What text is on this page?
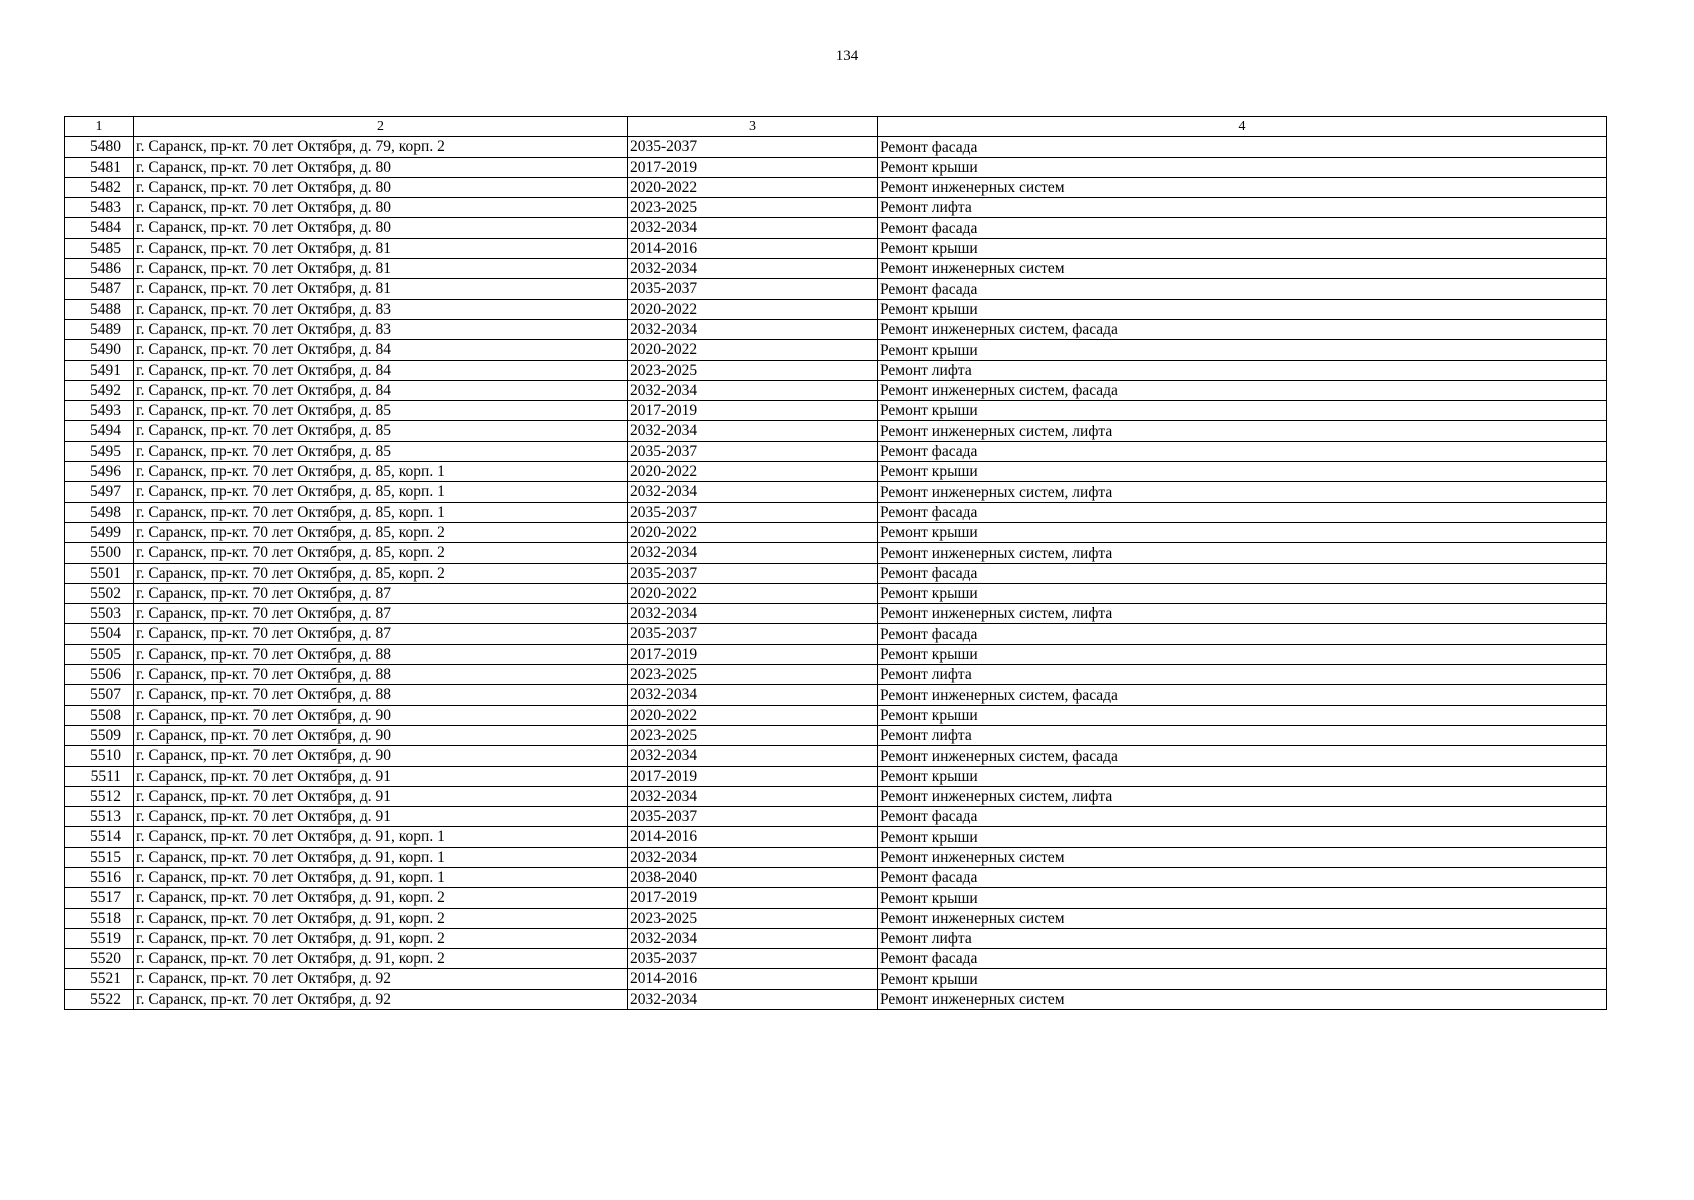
134
1	2	3	4
5480	г. Саранск, пр-кт. 70 лет Октября, д. 79, корп. 2	2035-2037	Ремонт фасада
5481	г. Саранск, пр-кт. 70 лет Октября, д. 80	2017-2019	Ремонт крыши
5482	г. Саранск, пр-кт. 70 лет Октября, д. 80	2020-2022	Ремонт инженерных систем
5483	г. Саранск, пр-кт. 70 лет Октября, д. 80	2023-2025	Ремонт лифта
5484	г. Саранск, пр-кт. 70 лет Октября, д. 80	2032-2034	Ремонт фасада
5485	г. Саранск, пр-кт. 70 лет Октября, д. 81	2014-2016	Ремонт крыши
5486	г. Саранск, пр-кт. 70 лет Октября, д. 81	2032-2034	Ремонт инженерных систем
5487	г. Саранск, пр-кт. 70 лет Октября, д. 81	2035-2037	Ремонт фасада
5488	г. Саранск, пр-кт. 70 лет Октября, д. 83	2020-2022	Ремонт крыши
5489	г. Саранск, пр-кт. 70 лет Октября, д. 83	2032-2034	Ремонт инженерных систем, фасада
5490	г. Саранск, пр-кт. 70 лет Октября, д. 84	2020-2022	Ремонт крыши
5491	г. Саранск, пр-кт. 70 лет Октября, д. 84	2023-2025	Ремонт лифта
5492	г. Саранск, пр-кт. 70 лет Октября, д. 84	2032-2034	Ремонт инженерных систем, фасада
5493	г. Саранск, пр-кт. 70 лет Октября, д. 85	2017-2019	Ремонт крыши
5494	г. Саранск, пр-кт. 70 лет Октября, д. 85	2032-2034	Ремонт инженерных систем, лифта
5495	г. Саранск, пр-кт. 70 лет Октября, д. 85	2035-2037	Ремонт фасада
5496	г. Саранск, пр-кт. 70 лет Октября, д. 85, корп. 1	2020-2022	Ремонт крыши
5497	г. Саранск, пр-кт. 70 лет Октября, д. 85, корп. 1	2032-2034	Ремонт инженерных систем, лифта
5498	г. Саранск, пр-кт. 70 лет Октября, д. 85, корп. 1	2035-2037	Ремонт фасада
5499	г. Саранск, пр-кт. 70 лет Октября, д. 85, корп. 2	2020-2022	Ремонт крыши
5500	г. Саранск, пр-кт. 70 лет Октября, д. 85, корп. 2	2032-2034	Ремонт инженерных систем, лифта
5501	г. Саранск, пр-кт. 70 лет Октября, д. 85, корп. 2	2035-2037	Ремонт фасада
5502	г. Саранск, пр-кт. 70 лет Октября, д. 87	2020-2022	Ремонт крыши
5503	г. Саранск, пр-кт. 70 лет Октября, д. 87	2032-2034	Ремонт инженерных систем, лифта
5504	г. Саранск, пр-кт. 70 лет Октября, д. 87	2035-2037	Ремонт фасада
5505	г. Саранск, пр-кт. 70 лет Октября, д. 88	2017-2019	Ремонт крыши
5506	г. Саранск, пр-кт. 70 лет Октября, д. 88	2023-2025	Ремонт лифта
5507	г. Саранск, пр-кт. 70 лет Октября, д. 88	2032-2034	Ремонт инженерных систем, фасада
5508	г. Саранск, пр-кт. 70 лет Октября, д. 90	2020-2022	Ремонт крыши
5509	г. Саранск, пр-кт. 70 лет Октября, д. 90	2023-2025	Ремонт лифта
5510	г. Саранск, пр-кт. 70 лет Октября, д. 90	2032-2034	Ремонт инженерных систем, фасада
5511	г. Саранск, пр-кт. 70 лет Октября, д. 91	2017-2019	Ремонт крыши
5512	г. Саранск, пр-кт. 70 лет Октября, д. 91	2032-2034	Ремонт инженерных систем, лифта
5513	г. Саранск, пр-кт. 70 лет Октября, д. 91	2035-2037	Ремонт фасада
5514	г. Саранск, пр-кт. 70 лет Октября, д. 91, корп. 1	2014-2016	Ремонт крыши
5515	г. Саранск, пр-кт. 70 лет Октября, д. 91, корп. 1	2032-2034	Ремонт инженерных систем
5516	г. Саранск, пр-кт. 70 лет Октября, д. 91, корп. 1	2038-2040	Ремонт фасада
5517	г. Саранск, пр-кт. 70 лет Октября, д. 91, корп. 2	2017-2019	Ремонт крыши
5518	г. Саранск, пр-кт. 70 лет Октября, д. 91, корп. 2	2023-2025	Ремонт инженерных систем
5519	г. Саранск, пр-кт. 70 лет Октября, д. 91, корп. 2	2032-2034	Ремонт лифта
5520	г. Саранск, пр-кт. 70 лет Октября, д. 91, корп. 2	2035-2037	Ремонт фасада
5521	г. Саранск, пр-кт. 70 лет Октября, д. 92	2014-2016	Ремонт крыши
5522	г. Саранск, пр-кт. 70 лет Октября, д. 92	2032-2034	Ремонт инженерных систем
